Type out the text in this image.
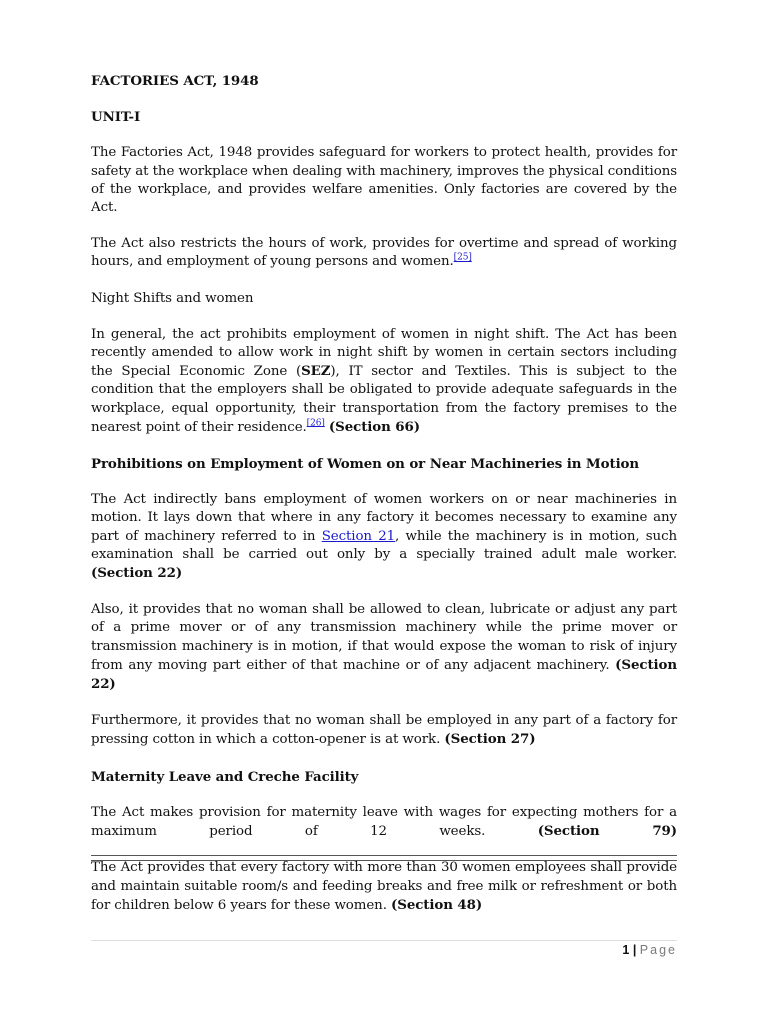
FACTORIES ACT, 1948

UNIT-I

The Factories Act, 1948 provides safeguard for workers to protect health, provides for safety at the workplace when dealing with machinery, improves the physical conditions of the workplace, and provides welfare amenities. Only factories are covered by the Act.

The Act also restricts the hours of work, provides for overtime and spread of working hours, and employment of young persons and women.[25]

Night Shifts and women

In general, the act prohibits employment of women in night shift. The Act has been recently amended to allow work in night shift by women in certain sectors including the Special Economic Zone (SEZ), IT sector and Textiles. This is subject to the condition that the employers shall be obligated to provide adequate safeguards in the workplace, equal opportunity, their transportation from the factory premises to the nearest point of their residence.[26] (Section 66)

Prohibitions on Employment of Women on or Near Machineries in Motion

The Act indirectly bans employment of women workers on or near machineries in motion. It lays down that where in any factory it becomes necessary to examine any part of machinery referred to in Section 21, while the machinery is in motion, such examination shall be carried out only by a specially trained adult male worker. (Section 22)

Also, it provides that no woman shall be allowed to clean, lubricate or adjust any part of a prime mover or of any transmission machinery while the prime mover or transmission machinery is in motion, if that would expose the woman to risk of injury from any moving part either of that machine or of any adjacent machinery. (Section 22)

Furthermore, it provides that no woman shall be employed in any part of a factory for pressing cotton in which a cotton-opener is at work. (Section 27)

Maternity Leave and Creche Facility

The Act makes provision for maternity leave with wages for expecting mothers for a maximum period of 12 weeks. (Section 79)

The Act provides that every factory with more than 30 women employees shall provide and maintain suitable room/s and feeding breaks and free milk or refreshment or both for children below 6 years for these women. (Section 48)

1 | Page
